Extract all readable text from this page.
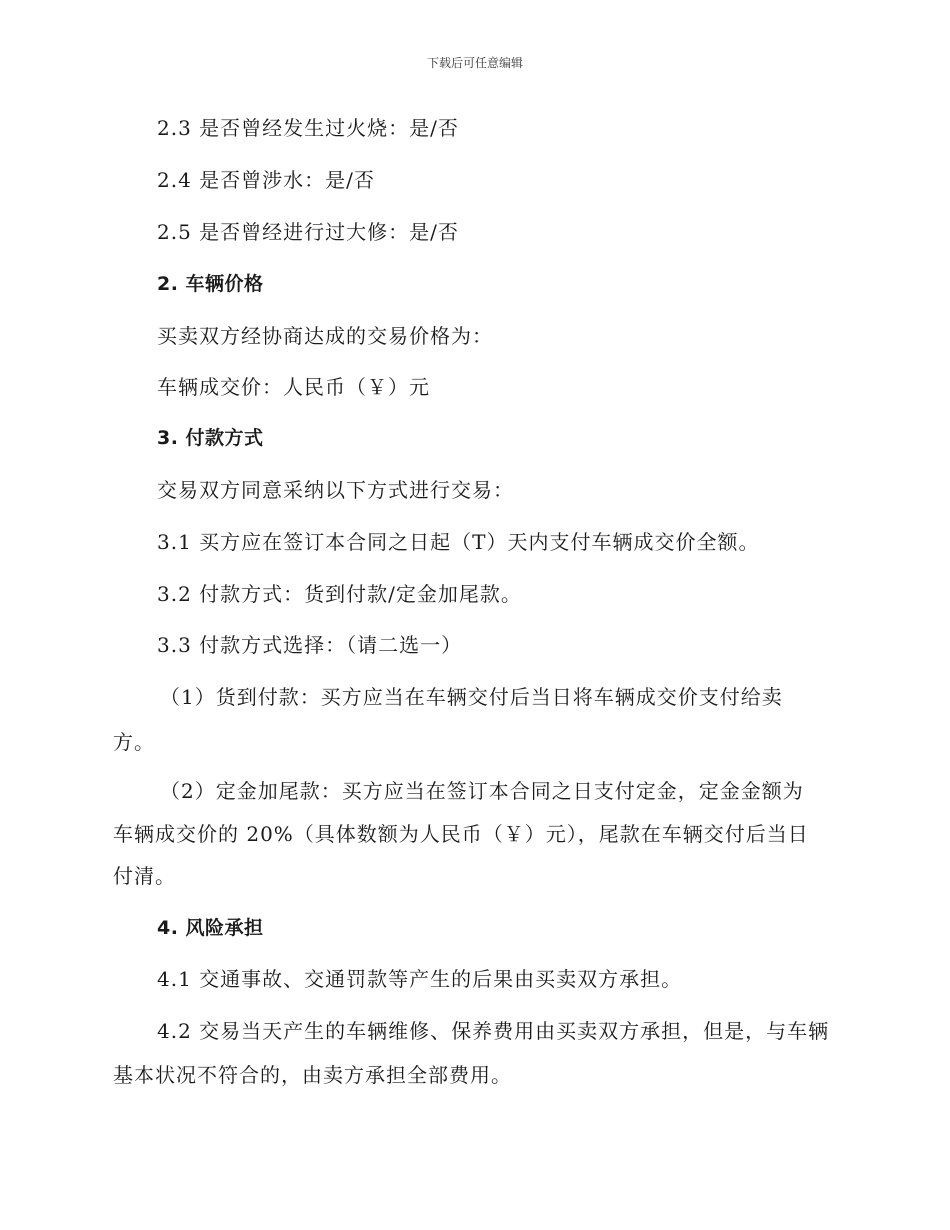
下载后可任意编辑
2.3 是否曾经发生过火烧：是/否
2.4 是否曾涉水：是/否
2.5 是否曾经进行过大修：是/否
2. 车辆价格
买卖双方经协商达成的交易价格为：
车辆成交价：人民币（￥）元
3. 付款方式
交易双方同意采纳以下方式进行交易：
3.1 买方应在签订本合同之日起（T）天内支付车辆成交价全额。
3.2 付款方式：货到付款/定金加尾款。
3.3 付款方式选择：（请二选一）
（1）货到付款：买方应当在车辆交付后当日将车辆成交价支付给卖
方。
（2）定金加尾款：买方应当在签订本合同之日支付定金，定金金额为
车辆成交价的 20%（具体数额为人民币（￥）元），尾款在车辆交付后当日
付清。
4. 风险承担
4.1 交通事故、交通罚款等产生的后果由买卖双方承担。
4.2 交易当天产生的车辆维修、保养费用由买卖双方承担，但是，与车辆
基本状况不符合的，由卖方承担全部费用。
